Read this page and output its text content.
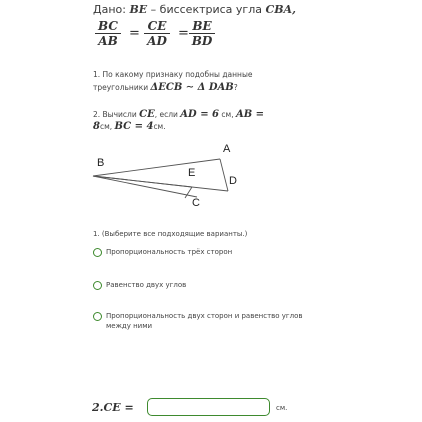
Дано: BE – биссектриса угла CBA,
$\frac{BC}{AB} = \frac{CE}{AD} = \frac{BE}{BD}$
1. По какому признаку подобны данные
треугольники ΔECB ∼ Δ DAB?
2. Вычисли CE, если AD = 6 см, AB =
8см, BC = 4см.
A
B
C
D
E
1. (Выберите все подходящие варианты.)
Пропорциональность трёх сторон
Равенство двух углов
Пропорциональность двух сторон и равенство углов между ними
2.CE =	см.
